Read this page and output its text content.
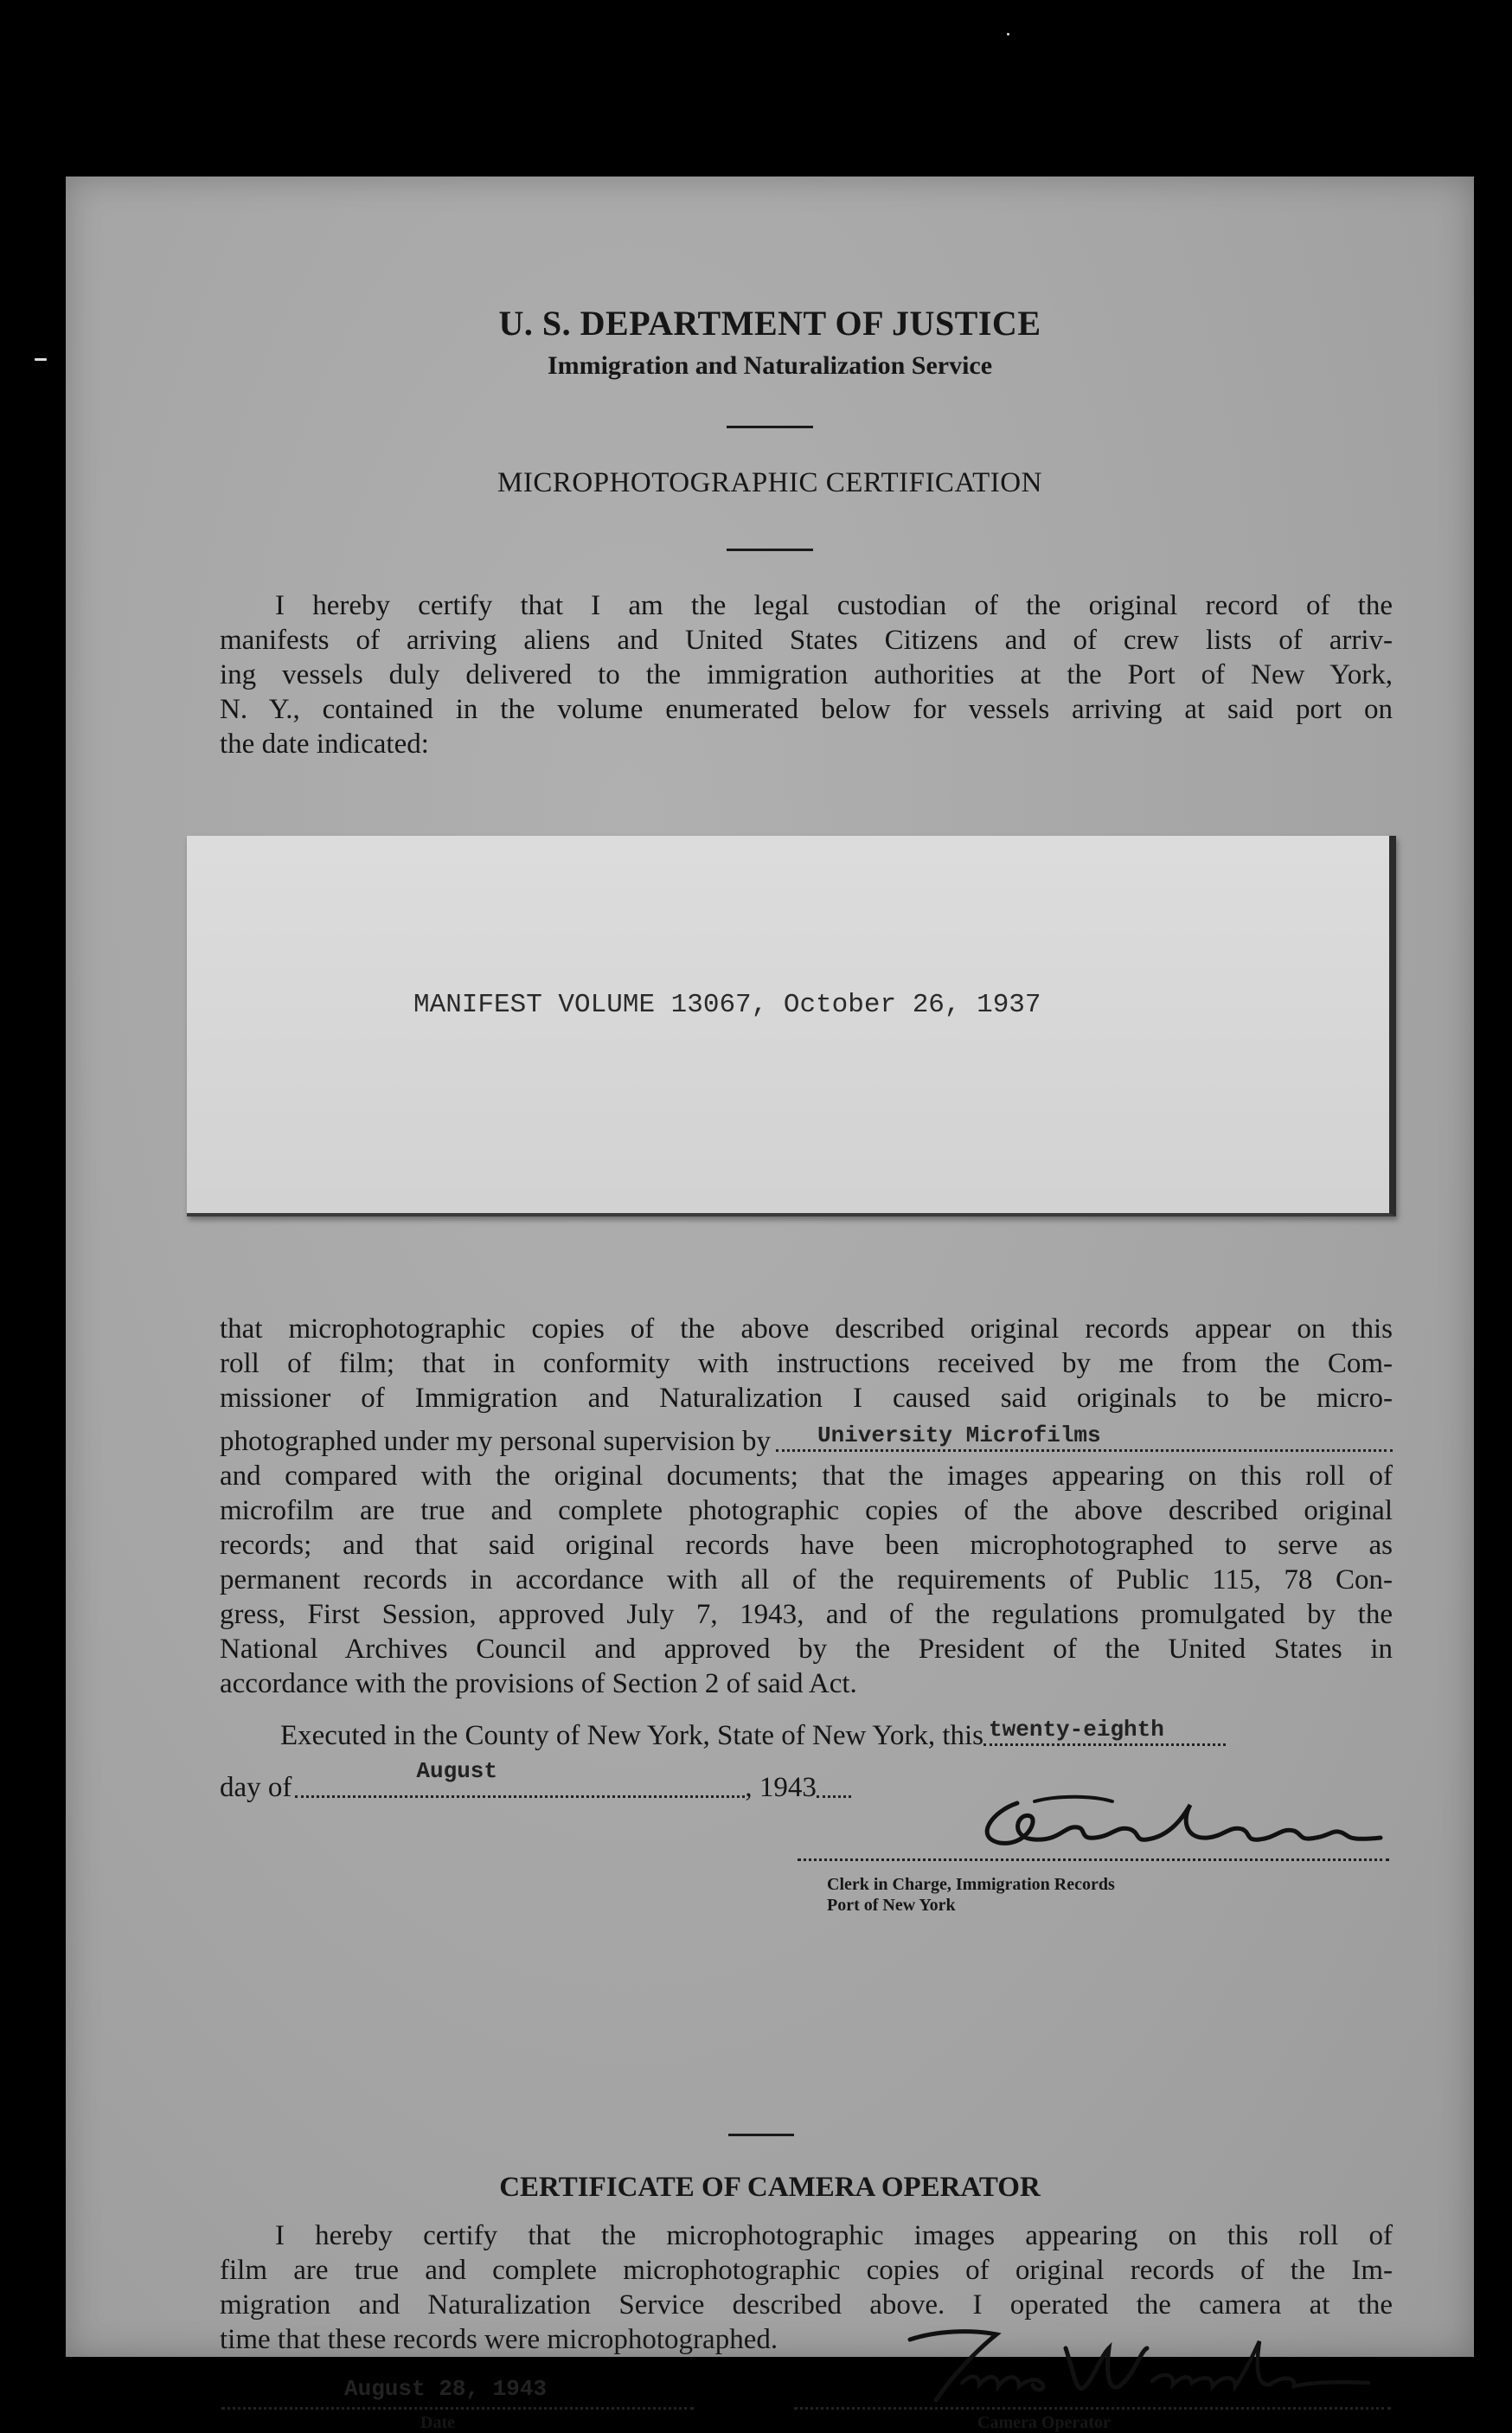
U. S. DEPARTMENT OF JUSTICE
Immigration and Naturalization Service
MICROPHOTOGRAPHIC CERTIFICATION
I hereby certify that I am the legal custodian of the original record of the
manifests of arriving aliens and United States Citizens and of crew lists of arriv-
ing vessels duly delivered to the immigration authorities at the Port of New York,
N. Y., contained in the volume enumerated below for vessels arriving at said port on
the date indicated:
MANIFEST VOLUME 13067, October 26, 1937
that microphotographic copies of the above described original records appear on this
roll of film; that in conformity with instructions received by me from the Com-
missioner of Immigration and Naturalization I caused said originals to be micro-
photographed under my personal supervision by University Microfilms
and compared with the original documents; that the images appearing on this roll of
microfilm are true and complete photographic copies of the above described original
records; and that said original records have been microphotographed to serve as
permanent records in accordance with all of the requirements of Public 115, 78 Con-
gress, First Session, approved July 7, 1943, and of the regulations promulgated by the
National Archives Council and approved by the President of the United States in
accordance with the provisions of Section 2 of said Act.
Executed in the County of New York, State of New York, this twenty-eighth
day of
August
, 1943
Clerk in Charge, Immigration Records
Port of New York
CERTIFICATE OF CAMERA OPERATOR
I hereby certify that the microphotographic images appearing on this roll of
film are true and complete microphotographic copies of original records of the Im-
migration and Naturalization Service described above. I operated the camera at the
time that these records were microphotographed.
August 28, 1943
Date	Camera Operator
